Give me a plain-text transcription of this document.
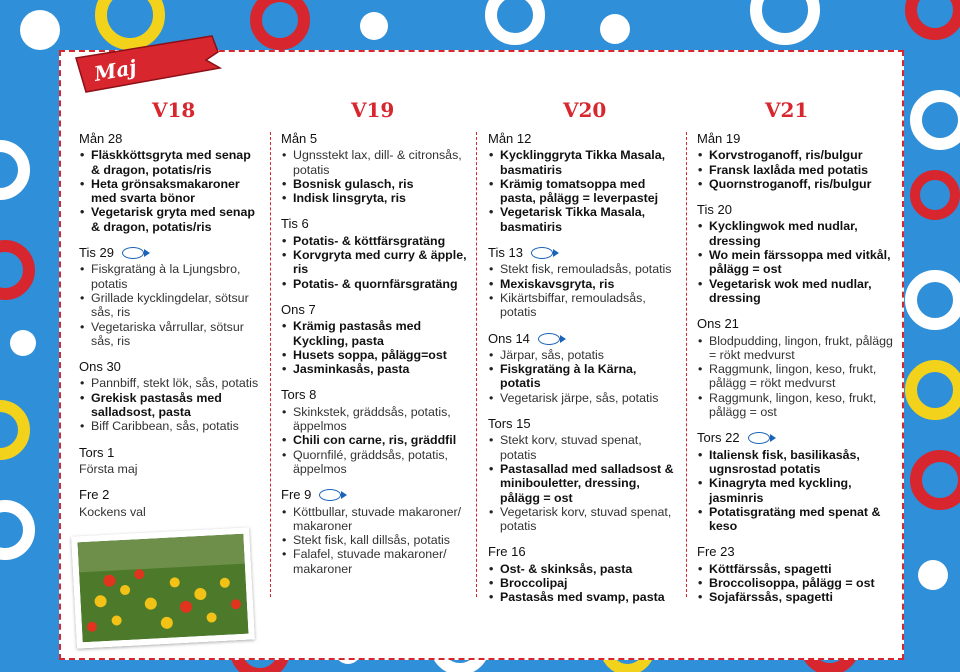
Maj
V18	V19	V20	V21
Mån 28
• Fläskköttsgryta med senap & dragon, potatis/ris
• Heta grönsaksmakaroner med svarta bönor
• Vegetarisk gryta med senap & dragon, potatis/ris
Tis 29
• Fiskgratäng à la Ljungsbro, potatis
• Grillade kycklingdelar, sötsur sås, ris
• Vegetariska vårrullar, sötsur sås, ris
Ons 30
• Pannbiff, stekt lök, sås, potatis
• Grekisk pastasås med salladsost, pasta
• Biff Caribbean, sås, potatis
Tors 1
Första maj
Fre 2
Kockens val
Mån 5
• Ugnsstekt lax, dill- & citronsås, potatis
• Bosnisk gulasch, ris
• Indisk linsgryta, ris
Tis 6
• Potatis- & köttfärsgratäng
• Korvgryta med curry & äpple, ris
• Potatis- & quornfärsgratäng
Ons 7
• Krämig pastasås med Kyckling, pasta
• Husets soppa, pålägg=ost
• Jasminkasås, pasta
Tors 8
• Skinkstek, gräddsås, potatis, äppelmos
• Chili con carne, ris, gräddfil
• Quornfilé, gräddsås, potatis, äppelmos
Fre 9
• Köttbullar, stuvade makaroner/ makaroner
• Stekt fisk, kall dillsås, potatis
• Falafel, stuvade makaroner/ makaroner
Mån 12
• Kycklinggryta Tikka Masala, basmatiris
• Krämig tomatsoppa med pasta, pålägg = leverpastej
• Vegetarisk Tikka Masala, basmatiris
Tis 13
• Stekt fisk, remouladsås, potatis
• Mexiskavsgryta, ris
• Kikärtsbiffar, remouladsås, potatis
Ons 14
• Järpar, sås, potatis
• Fiskgratäng à la Kärna, potatis
• Vegetarisk järpe, sås, potatis
Tors 15
• Stekt korv, stuvad spenat, potatis
• Pastasallad med salladsost & minibouletter, dressing, pålägg = ost
• Vegetarisk korv, stuvad spenat, potatis
Fre 16
• Ost- & skinksås, pasta
• Broccolipaj
• Pastasås med svamp, pasta
Mån 19
• Korvstroganoff, ris/bulgur
• Fransk laxlåda med potatis
• Quornstroganoff, ris/bulgur
Tis 20
• Kycklingwok med nudlar, dressing
• Wo mein färssoppa med vitkål, pålägg = ost
• Vegetarisk wok med nudlar, dressing
Ons 21
• Blodpudding, lingon, frukt, pålägg = rökt medvurst
• Raggmunk, lingon, keso, frukt, pålägg = rökt medvurst
• Raggmunk, lingon, keso, frukt, pålägg = ost
Tors 22
• Italiensk fisk, basilikasås, ugnsrostad potatis
• Kinagryta med kyckling, jasminris
• Potatisgratäng med spenat & keso
Fre 23
• Köttfärssås, spagetti
• Broccolisoppa, pålägg = ost
• Sojafärssås, spagetti
